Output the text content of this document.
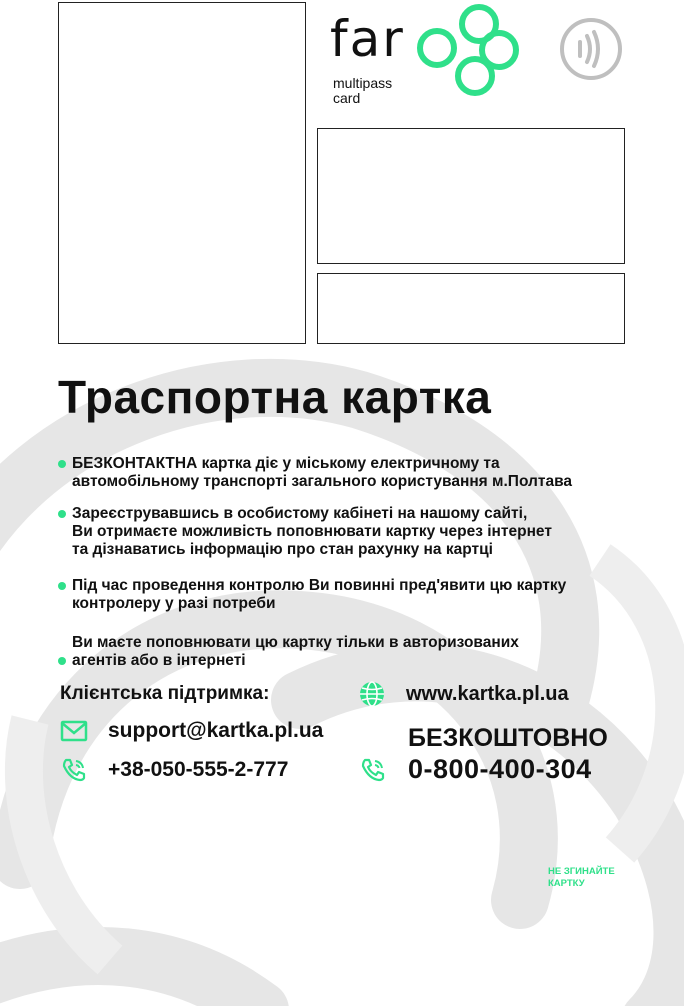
far
multipass
card
Траспортна картка

БЕЗКОНТАКТНА картка діє у міському електричному та

автомобільному транспорті загального користування м.Полтава

Зареєструвавшись в особистому кабінеті на нашому сайті,

Ви отримаєте можливість поповнювати картку через інтернет

та дізнаватись інформацію про стан рахунку на картці

Під час проведення контролю Ви повинні пред'явити цю картку

контролеру у разі потреби

Ви маєте поповнювати цю картку тільки в авторизованих

агентів або в інтернеті

Клієнтська підтримка:
support@kartka.pl.ua
+38-050-555-2-777
www.kartka.pl.ua
БЕЗКОШТОВНО
0-800-400-304
НЕ ЗГИНАЙТЕ
КАРТКУ
